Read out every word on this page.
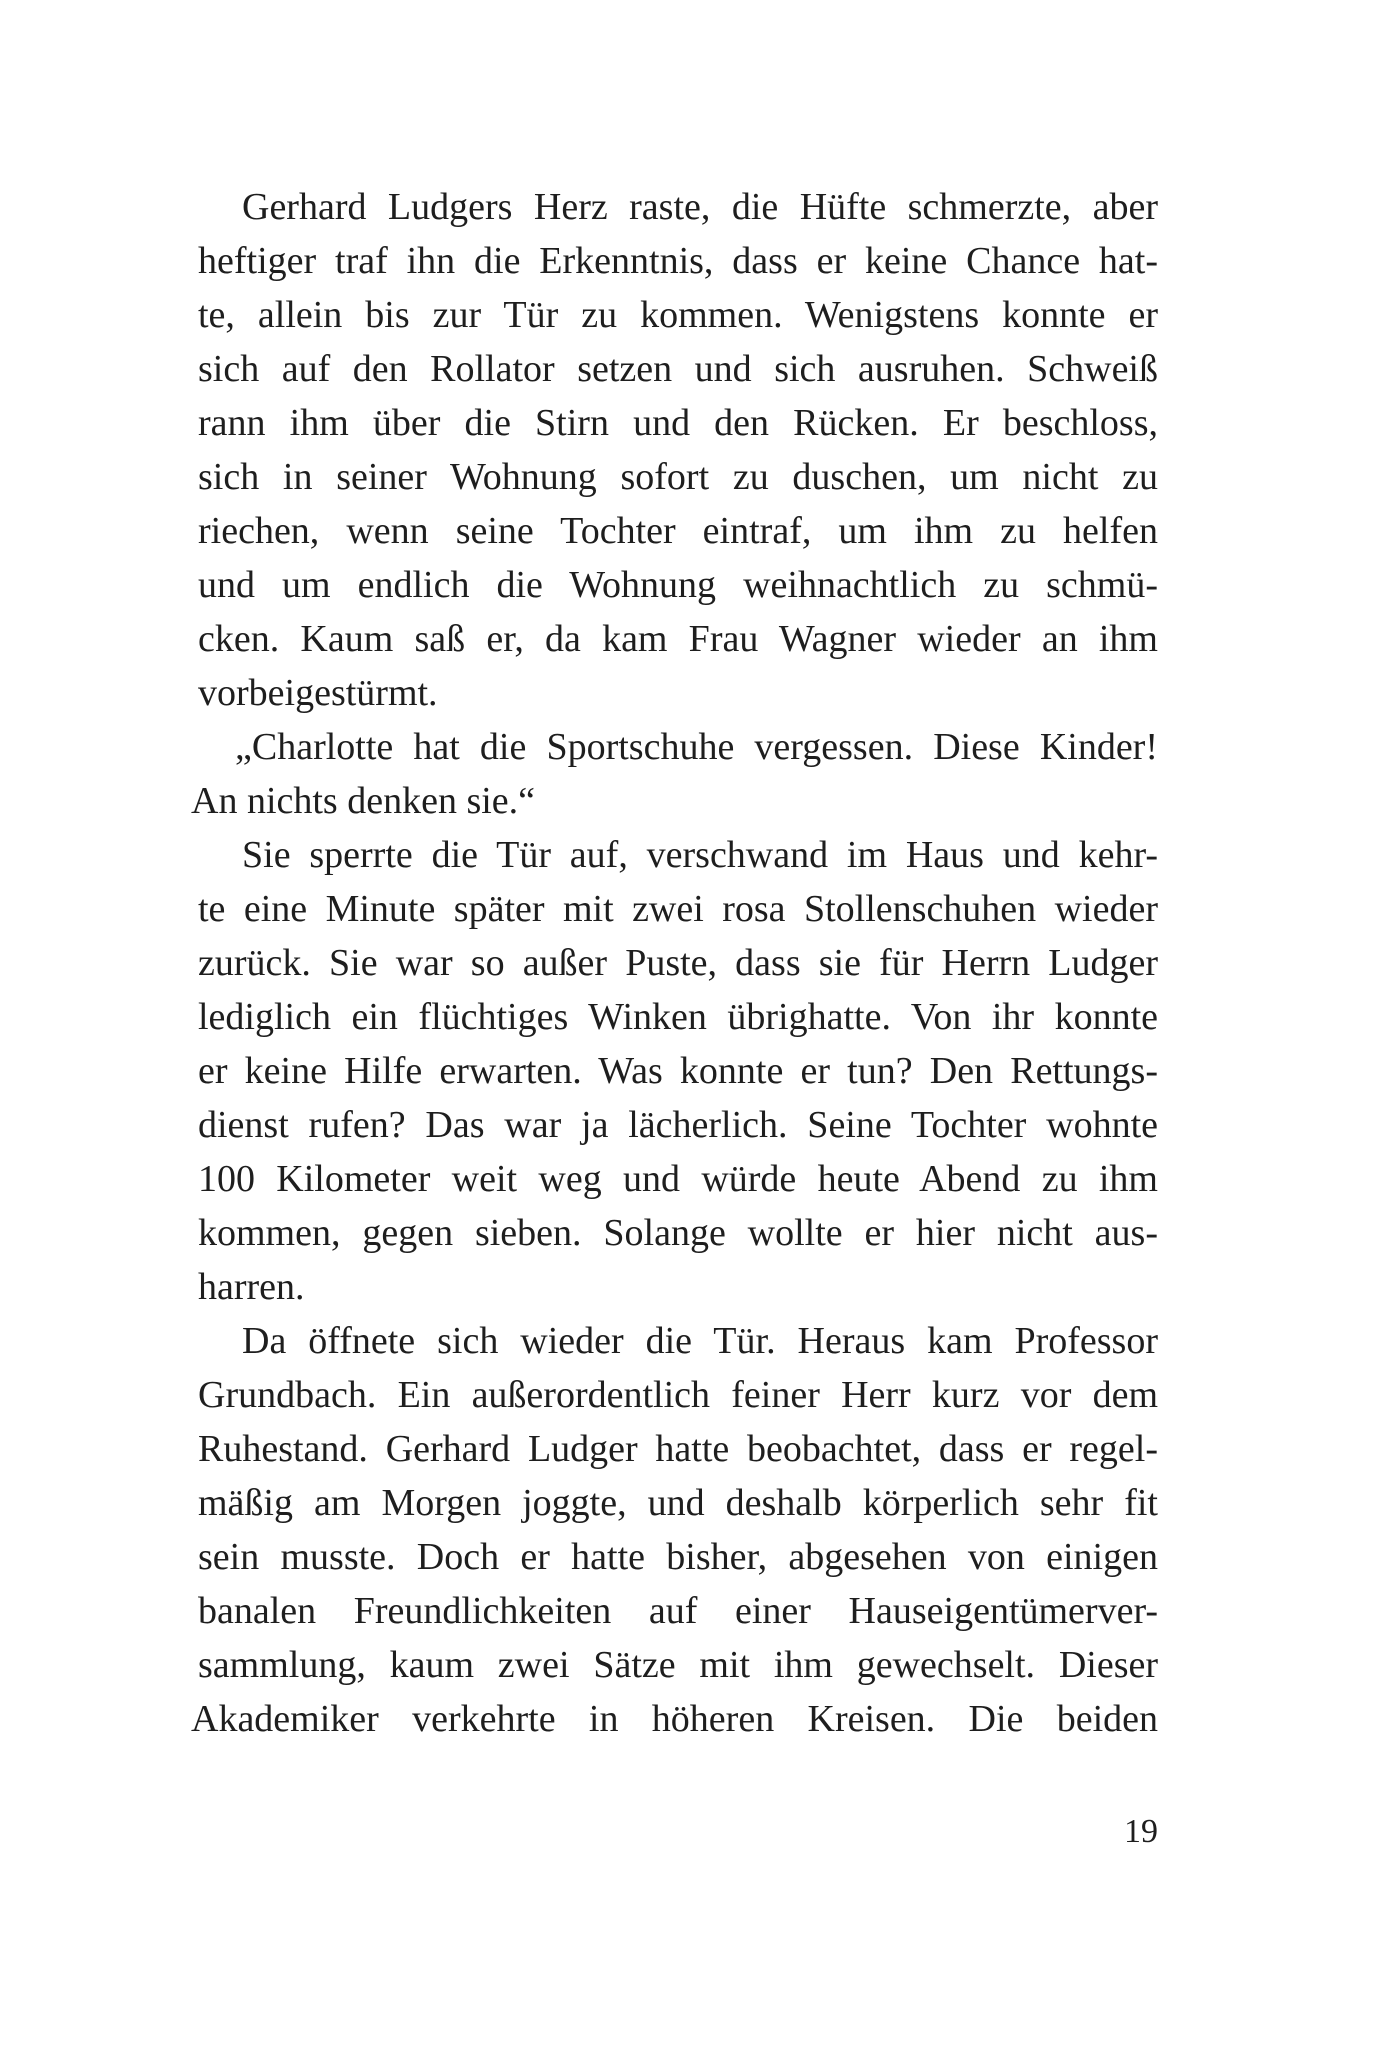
Gerhard Ludgers Herz raste, die Hüfte schmerzte, aber
heftiger traf ihn die Erkenntnis, dass er keine Chance hat-
te, allein bis zur Tür zu kommen. Wenigstens konnte er
sich auf den Rollator setzen und sich ausruhen. Schweiß
rann ihm über die Stirn und den Rücken. Er beschloss,
sich in seiner Wohnung sofort zu duschen, um nicht zu
riechen, wenn seine Tochter eintraf, um ihm zu helfen
und um endlich die Wohnung weihnachtlich zu schmü-
cken. Kaum saß er, da kam Frau Wagner wieder an ihm
vorbeigestürmt.
„Charlotte hat die Sportschuhe vergessen. Diese Kinder!
An nichts denken sie.“
Sie sperrte die Tür auf, verschwand im Haus und kehr-
te eine Minute später mit zwei rosa Stollenschuhen wieder
zurück. Sie war so außer Puste, dass sie für Herrn Ludger
lediglich ein flüchtiges Winken übrighatte. Von ihr konnte
er keine Hilfe erwarten. Was konnte er tun? Den Rettungs-
dienst rufen? Das war ja lächerlich. Seine Tochter wohnte
100 Kilometer weit weg und würde heute Abend zu ihm
kommen, gegen sieben. Solange wollte er hier nicht aus-
harren.
Da öffnete sich wieder die Tür. Heraus kam Professor
Grundbach. Ein außerordentlich feiner Herr kurz vor dem
Ruhestand. Gerhard Ludger hatte beobachtet, dass er regel-
mäßig am Morgen joggte, und deshalb körperlich sehr fit
sein musste. Doch er hatte bisher, abgesehen von einigen
banalen Freundlichkeiten auf einer Hauseigentümerver-
sammlung, kaum zwei Sätze mit ihm gewechselt. Dieser
Akademiker verkehrte in höheren Kreisen. Die beiden
19
